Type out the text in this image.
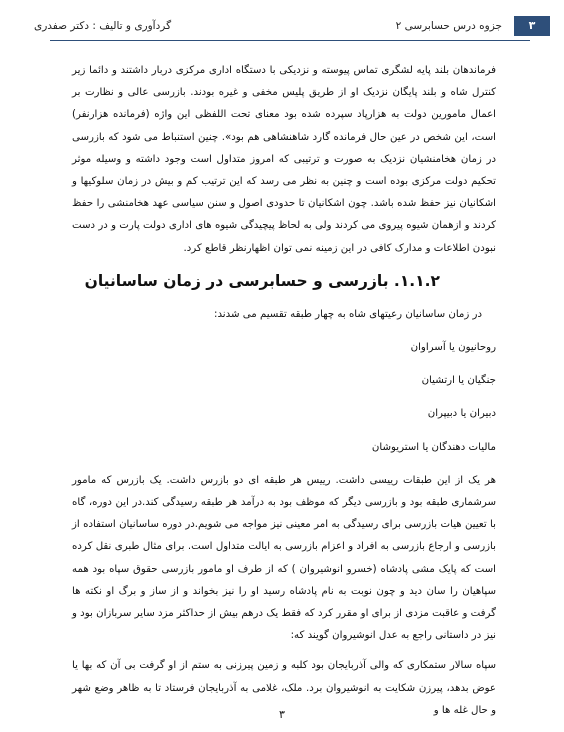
۳
جزوه درس حسابرسی ۲
گردآوری و تالیف : دکتر صفدری

فرماندهان بلند پایه لشگری تماس پیوسته و نزدیکی با دستگاه اداری مرکزی دربار داشتند و دائما زیر کنترل شاه و بلند پایگان نزدیک او از طریق پلیس مخفی و غیره بودند. بازرسی عالی و نظارت بر اعمال مامورین دولت به هزارپاد سپرده شده بود معنای تحت اللفظی این واژه (فرمانده هزارنفر) است، این شخص در عین حال فرمانده گارد شاهنشاهی هم بود». چنین استنباط می شود که بازرسی در زمان هخامنشیان نزدیک به صورت و ترتیبی که امروز متداول است وجود داشته و وسیله موثر تحکیم دولت مرکزی بوده است و چنین به نظر می رسد که این ترتیب کم و بیش در زمان سلوکیها و اشکانیان نیز حفظ شده باشد. چون اشکانیان تا حدودی اصول و سنن سیاسی عهد هخامنشی را حفظ کردند و ازهمان شیوه پیروی می کردند ولی به لحاظ پیچیدگی شیوه های اداری دولت پارت و در دست نبودن اطلاعات و مدارک کافی در این زمینه نمی توان اظهارنظر قاطع کرد.

۱.۱.۲. بازرسی و حسابرسی در زمان ساسانیان

در زمان ساسانیان رعیتهای شاه به چهار طبقه تقسیم می شدند:

روحانیون یا آسراوان

جنگیان یا ارتشیان

دبیران یا دبیپران

مالیات دهندگان یا استریوشان

هر یک از این طبقات رییسی داشت. رییس هر طبقه ای دو بازرس داشت. یک بازرس که مامور سرشماری طبقه بود و بازرسی دیگر که موظف بود به درآمد هر طبقه رسیدگی کند.در این دوره، گاه با تعیین هیات بازرسی برای رسیدگی به امر معینی نیز مواجه می شویم.در دوره ساسانیان استفاده از بازرسی و ارجاع بازرسی به افراد و اعزام بازرسی به ایالت متداول است. برای مثال طبری نقل کرده است که پایک مشی پادشاه (خسرو انوشیروان ) که از طرف او مامور بازرسی حقوق سپاه بود همه سپاهیان را سان دید و چون نوبت به نام پادشاه رسید او را نیز بخواند و از ساز و برگ او نکته ها گرفت و عاقبت مزدی از برای او مقرر کرد که فقط یک درهم بیش از حداکثر مزد سایر سربازان بود و نیز در داستانی راجع به عدل انوشیروان گویند که:

سپاه سالار ستمکاری که والی آذربایجان بود کلبه و زمین پیرزنی به ستم از او گرفت بی آن که بها یا عوض بدهد، پیرزن شکایت به انوشیروان برد. ملک، غلامی به آذربایجان فرستاد تا به ظاهر وضع شهر و حال غله ها و

۳
